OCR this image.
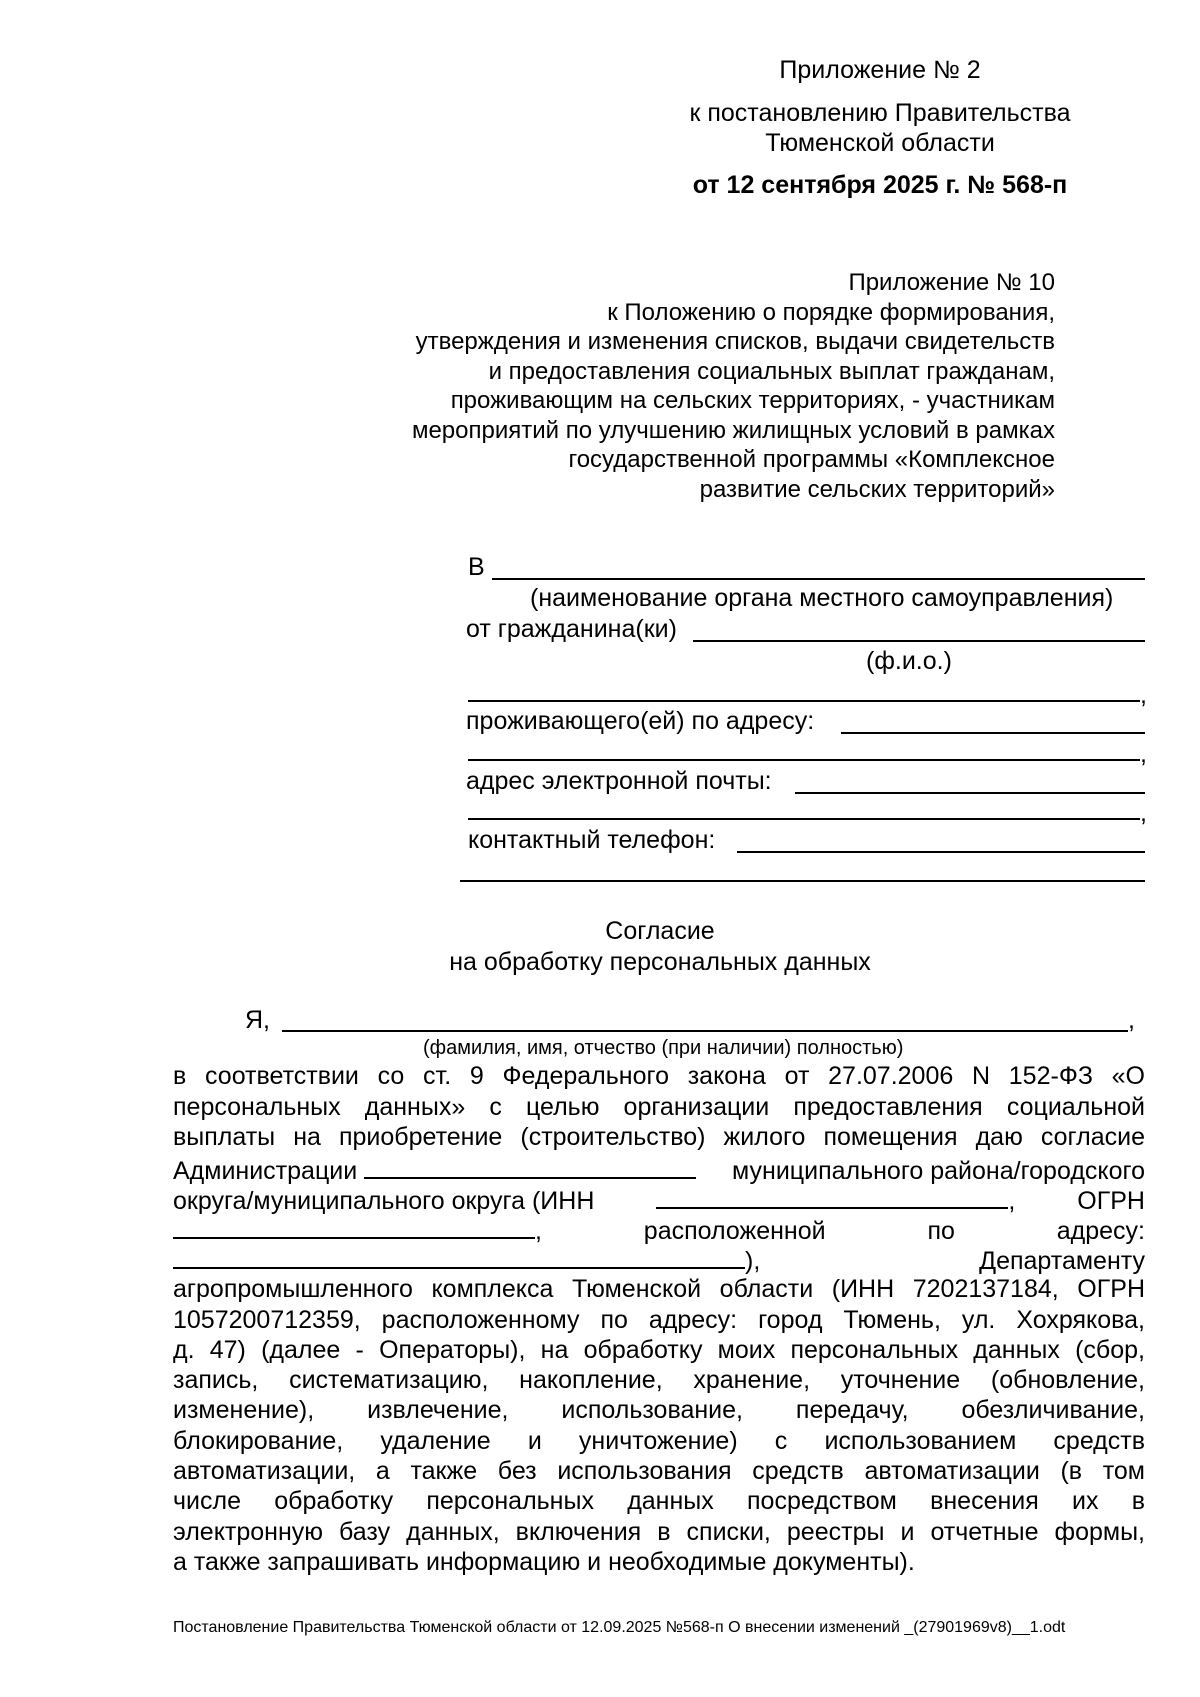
Приложение № 2
к постановлению Правительства
Тюменской области
от 12 сентября 2025 г. № 568-п
Приложение № 10
к Положению о порядке формирования,
утверждения и изменения списков, выдачи свидетельств
и предоставления социальных выплат гражданам,
проживающим на сельских территориях, - участникам
мероприятий по улучшению жилищных условий в рамках
государственной программы «Комплексное
развитие сельских территорий»
В
(наименование органа местного самоуправления)
от гражданина(ки)
(ф.и.о.)
,
проживающего(ей) по адресу:
,
адрес электронной почты:
,
контактный телефон:
Согласие
на обработку персональных данных
Я,	,
(фамилия, имя, отчество (при наличии) полностью)
в соответствии со ст. 9 Федерального закона от 27.07.2006 N 152-ФЗ «О
персональных данных» с целью организации предоставления социальной
выплаты на приобретение (строительство) жилого помещения даю согласие
Администрации	муниципального района/городского
округа/муниципального округа (ИНН	, ОГРН
,	расположенной	по	адресу:
),	Департаменту
агропромышленного комплекса Тюменской области (ИНН 7202137184, ОГРН
1057200712359, расположенному по адресу: город Тюмень, ул. Хохрякова,
д. 47) (далее - Операторы), на обработку моих персональных данных (сбор,
запись, систематизацию, накопление, хранение, уточнение (обновление,
изменение), извлечение, использование, передачу, обезличивание,
блокирование, удаление и уничтожение) с использованием средств
автоматизации, а также без использования средств автоматизации (в том
числе обработку персональных данных посредством внесения их в
электронную базу данных, включения в списки, реестры и отчетные формы,
а также запрашивать информацию и необходимые документы).
Постановление Правительства Тюменской области от 12.09.2025 №568-п О внесении изменений _(27901969v8)__1.odt
